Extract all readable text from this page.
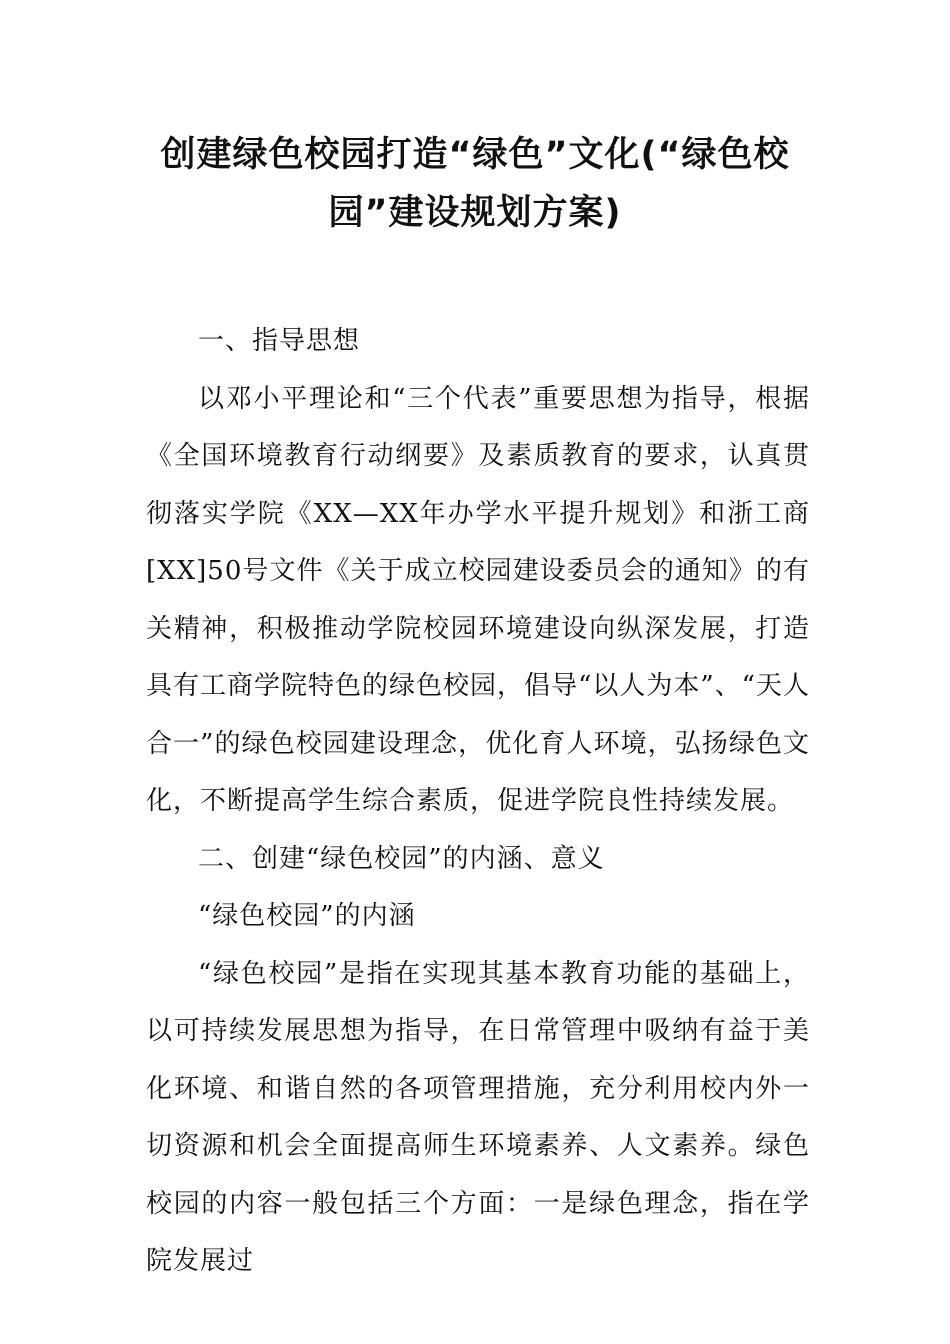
创建绿色校园打造“绿色”文化(“绿色校园”建设规划方案)

一、指导思想

以邓小平理论和“三个代表”重要思想为指导，根据《全国环境教育行动纲要》及素质教育的要求，认真贯彻落实学院《XX—XX年办学水平提升规划》和浙工商[XX]50号文件《关于成立校园建设委员会的通知》的有关精神，积极推动学院校园环境建设向纵深发展，打造具有工商学院特色的绿色校园，倡导“以人为本”、“天人合一”的绿色校园建设理念，优化育人环境，弘扬绿色文化，不断提高学生综合素质，促进学院良性持续发展。

二、创建“绿色校园”的内涵、意义

“绿色校园”的内涵

“绿色校园”是指在实现其基本教育功能的基础上，以可持续发展思想为指导，在日常管理中吸纳有益于美化环境、和谐自然的各项管理措施，充分利用校内外一切资源和机会全面提高师生环境素养、人文素养。绿色校园的内容一般包括三个方面：一是绿色理念，指在学院发展过
